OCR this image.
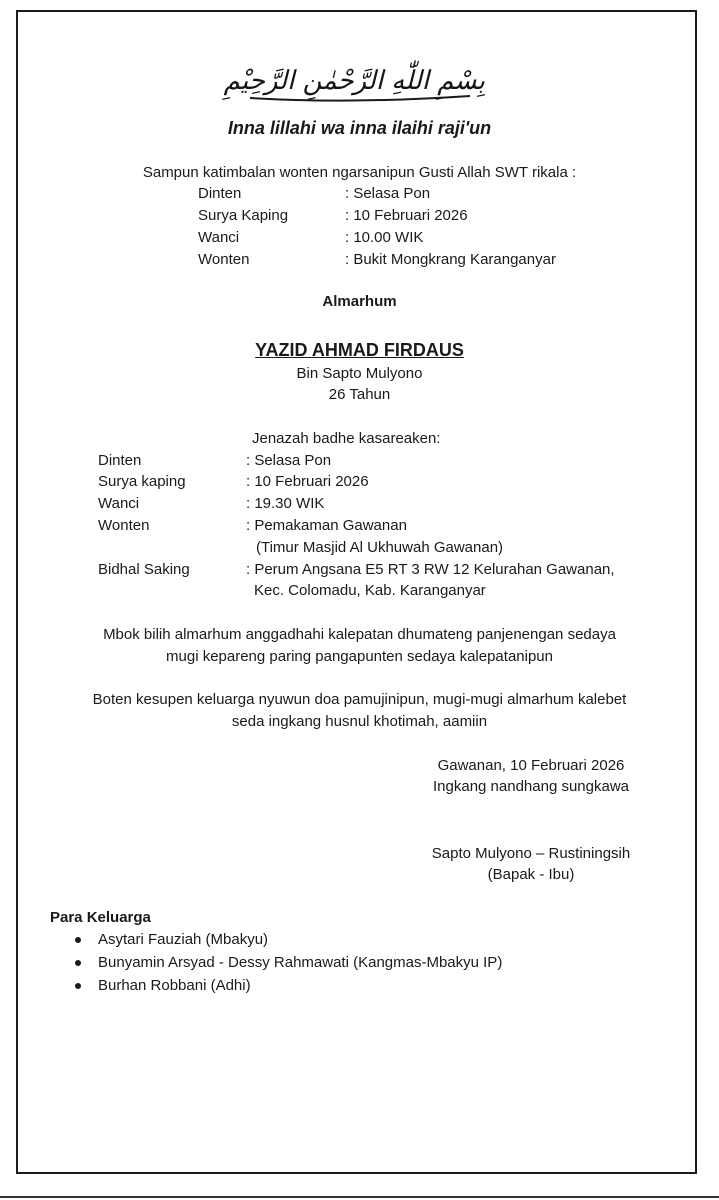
بِسْمِ اللّٰهِ الرَّحْمٰنِ الرَّحِيْمِ
Inna lillahi wa inna ilaihi raji'un
Sampun katimbalan wonten ngarsanipun Gusti Allah SWT rikala :
Dinten	: Selasa Pon
Surya Kaping	: 10 Februari 2026
Wanci	: 10.00 WIK
Wonten	: Bukit Mongkrang Karanganyar
Almarhum
YAZID AHMAD FIRDAUS
Bin Sapto Mulyono
26 Tahun
Jenazah badhe kasareaken:
Dinten	: Selasa Pon
Surya kaping	: 10 Februari 2026
Wanci	: 19.30 WIK
Wonten	: Pemakaman Gawanan
(Timur Masjid Al Ukhuwah Gawanan)
Bidhal Saking	: Perum Angsana E5 RT 3 RW 12 Kelurahan Gawanan,
Kec. Colomadu, Kab. Karanganyar
Mbok bilih almarhum anggadhahi kalepatan dhumateng panjenengan sedaya
mugi kepareng paring pangapunten sedaya kalepatanipun
Boten kesupen keluarga nyuwun doa pamujinipun, mugi-mugi almarhum kalebet
seda ingkang husnul khotimah, aamiin
Gawanan, 10 Februari 2026
Ingkang nandhang sungkawa
Sapto Mulyono – Rustiningsih
(Bapak - Ibu)
Para Keluarga
Asytari Fauziah (Mbakyu)
Bunyamin Arsyad - Dessy Rahmawati (Kangmas-Mbakyu IP)
Burhan Robbani (Adhi)
